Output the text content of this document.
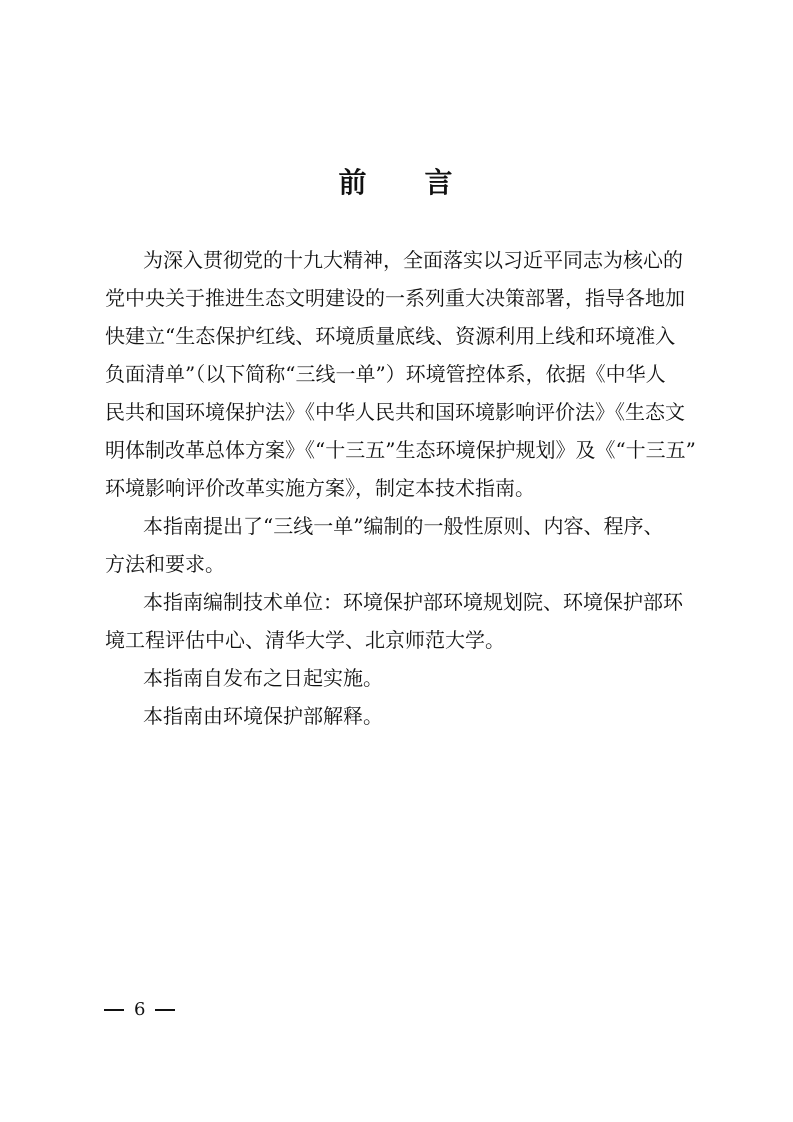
前 言
为深入贯彻党的十九大精神，全面落实以习近平同志为核心的
党中央关于推进生态文明建设的一系列重大决策部署，指导各地加
快建立“生态保护红线、环境质量底线、资源利用上线和环境准入
负面清单”（以下简称“三线一单”）环境管控体系，依据《中华人
民共和国环境保护法》《中华人民共和国环境影响评价法》《生态文
明体制改革总体方案》《“十三五”生态环境保护规划》及《“十三五”
环境影响评价改革实施方案》，制定本技术指南。
本指南提出了“三线一单”编制的一般性原则、内容、程序、
方法和要求。
本指南编制技术单位：环境保护部环境规划院、环境保护部环
境工程评估中心、清华大学、北京师范大学。
本指南自发布之日起实施。
本指南由环境保护部解释。
6
